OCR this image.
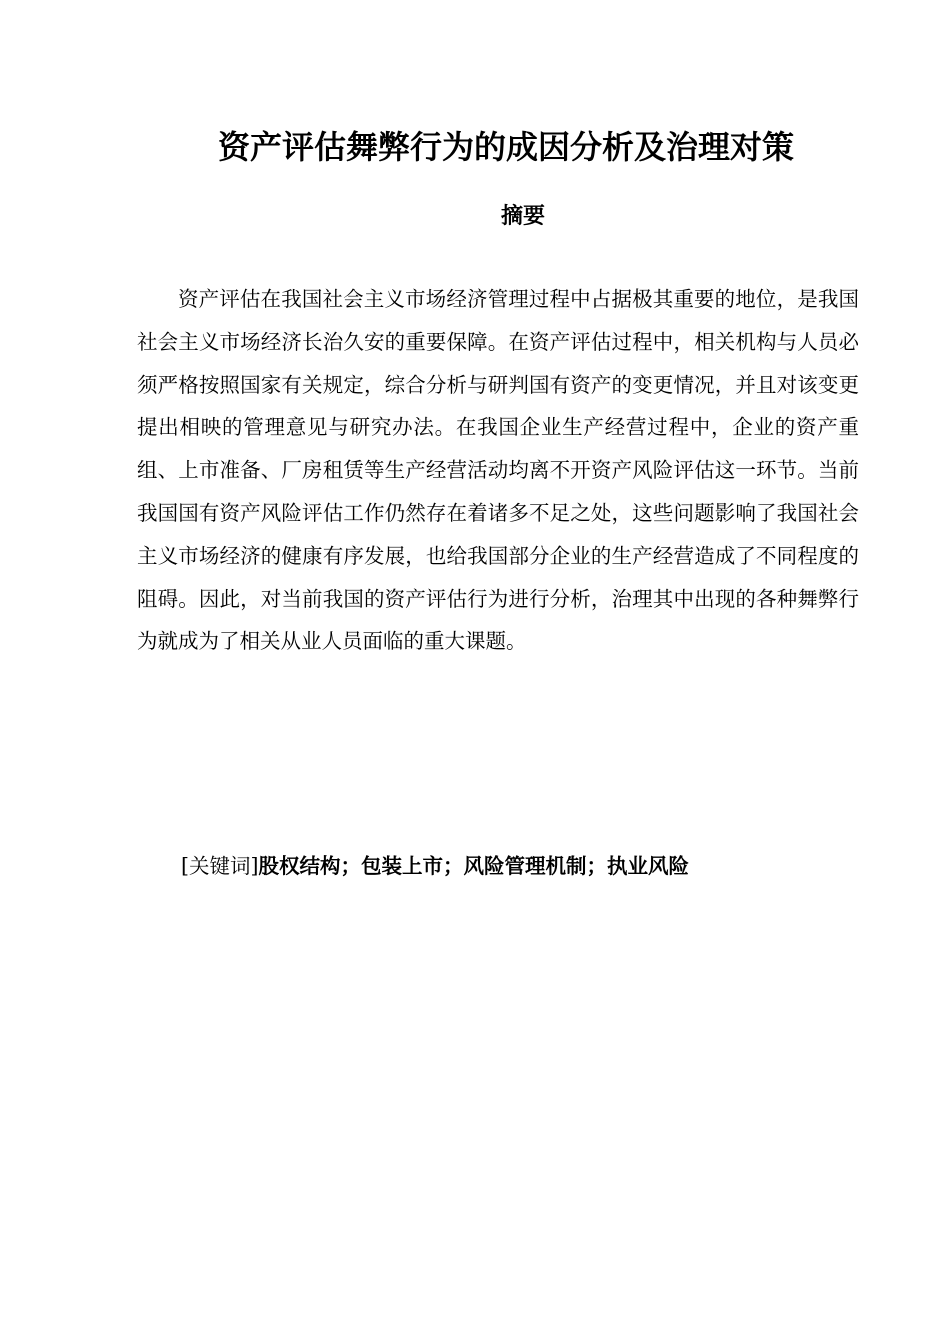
资产评估舞弊行为的成因分析及治理对策
摘要

资产评估在我国社会主义市场经济管理过程中占据极其重要的地位，是我国社会主义市场经济长治久安的重要保障。在资产评估过程中，相关机构与人员必须严格按照国家有关规定，综合分析与研判国有资产的变更情况，并且对该变更提出相映的管理意见与研究办法。在我国企业生产经营过程中，企业的资产重组、上市准备、厂房租赁等生产经营活动均离不开资产风险评估这一环节。当前我国国有资产风险评估工作仍然存在着诸多不足之处，这些问题影响了我国社会主义市场经济的健康有序发展，也给我国部分企业的生产经营造成了不同程度的阻碍。因此，对当前我国的资产评估行为进行分析，治理其中出现的各种舞弊行为就成为了相关从业人员面临的重大课题。

[关键词]股权结构；包装上市；风险管理机制；执业风险
